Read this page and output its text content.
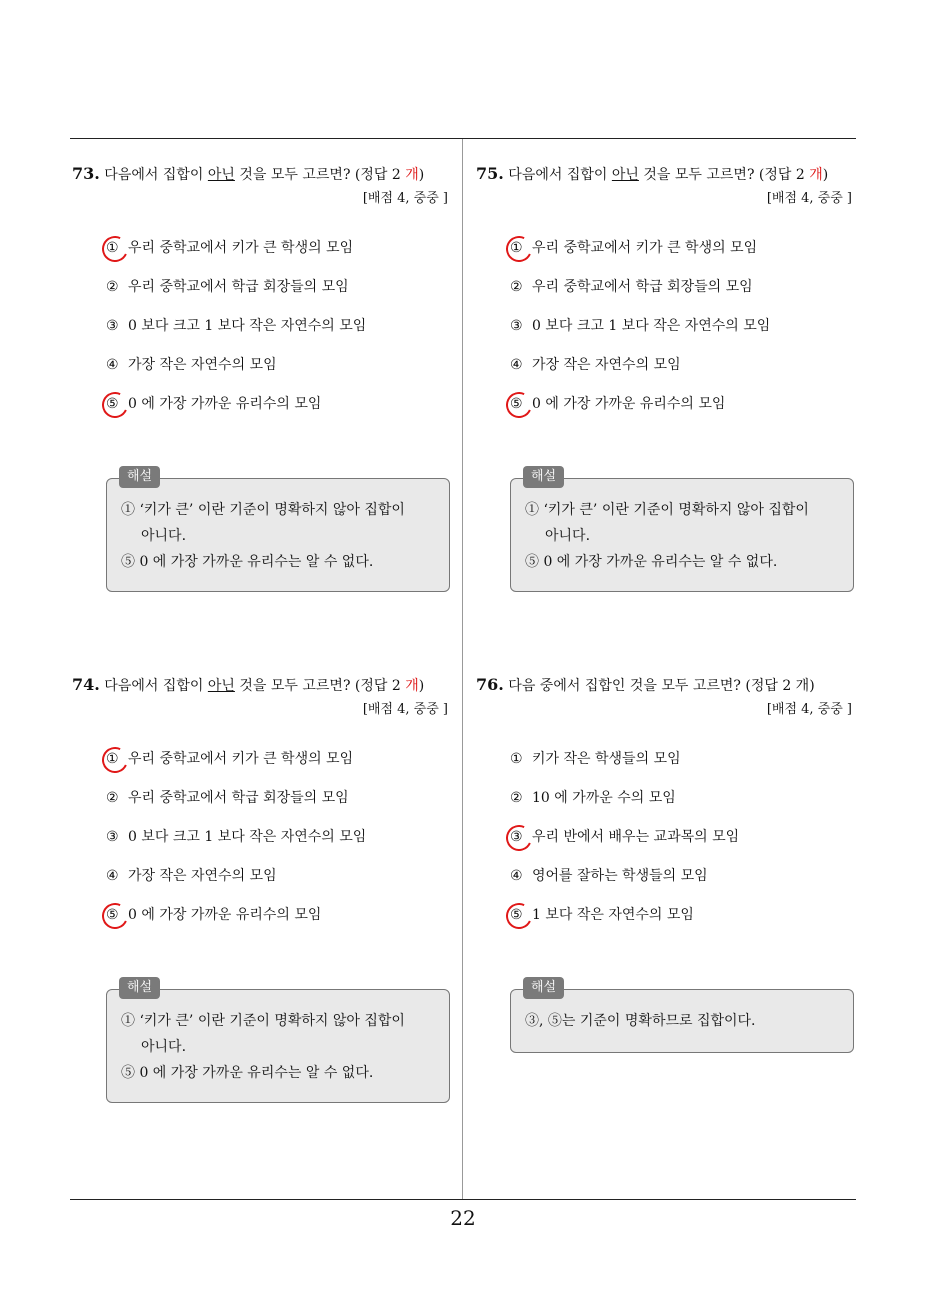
73. 다음에서 집합이 아닌 것을 모두 고르면? (정답 2 개)
[배점 4, 중중 ]
① 우리 중학교에서 키가 큰 학생의 모임
② 우리 중학교에서 학급 회장들의 모임
③ 0 보다 크고 1 보다 작은 자연수의 모임
④ 가장 작은 자연수의 모임
⑤ 0 에 가장 가까운 유리수의 모임
해설
① ‘키가 큰’ 이란 기준이 명확하지 않아 집합이
아니다.
⑤ 0 에 가장 가까운 유리수는 알 수 없다.
75. 다음에서 집합이 아닌 것을 모두 고르면? (정답 2 개)
[배점 4, 중중 ]
① 우리 중학교에서 키가 큰 학생의 모임
② 우리 중학교에서 학급 회장들의 모임
③ 0 보다 크고 1 보다 작은 자연수의 모임
④ 가장 작은 자연수의 모임
⑤ 0 에 가장 가까운 유리수의 모임
해설
① ‘키가 큰’ 이란 기준이 명확하지 않아 집합이
아니다.
⑤ 0 에 가장 가까운 유리수는 알 수 없다.
74. 다음에서 집합이 아닌 것을 모두 고르면? (정답 2 개)
[배점 4, 중중 ]
① 우리 중학교에서 키가 큰 학생의 모임
② 우리 중학교에서 학급 회장들의 모임
③ 0 보다 크고 1 보다 작은 자연수의 모임
④ 가장 작은 자연수의 모임
⑤ 0 에 가장 가까운 유리수의 모임
해설
① ‘키가 큰’ 이란 기준이 명확하지 않아 집합이
아니다.
⑤ 0 에 가장 가까운 유리수는 알 수 없다.
76. 다음 중에서 집합인 것을 모두 고르면? (정답 2 개)
[배점 4, 중중 ]
① 키가 작은 학생들의 모임
② 10 에 가까운 수의 모임
③ 우리 반에서 배우는 교과목의 모임
④ 영어를 잘하는 학생들의 모임
⑤ 1 보다 작은 자연수의 모임
해설
③, ⑤는 기준이 명확하므로 집합이다.
22
